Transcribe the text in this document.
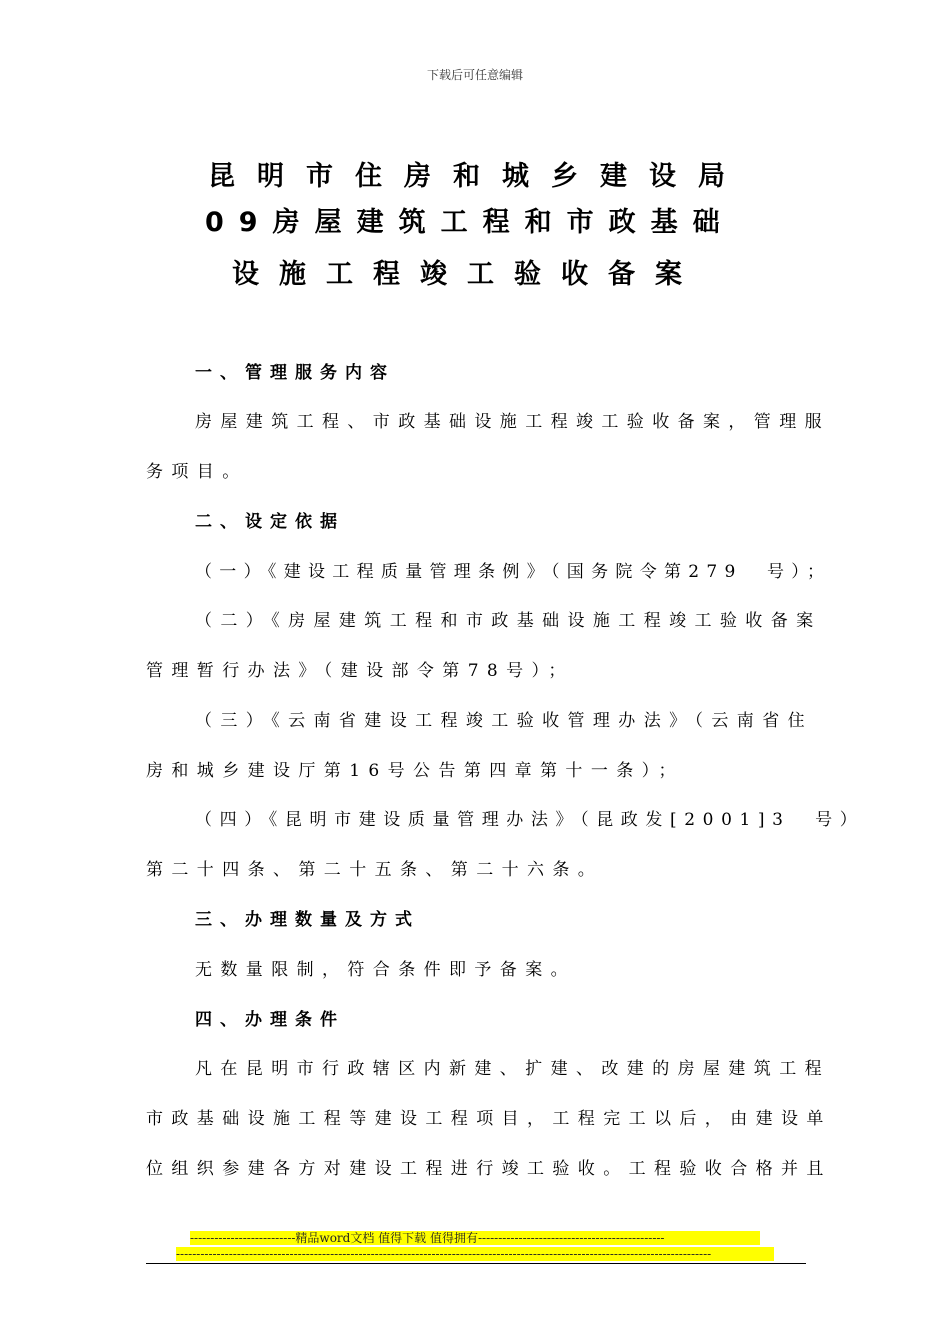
下载后可任意编辑
昆明市住房和城乡建设局
09房屋建筑工程和市政基础
设施工程竣工验收备案
一、管理服务内容
房屋建筑工程、市政基础设施工程竣工验收备案，管理服
务项目。
二、设定依据
（一）《建设工程质量管理条例》（国务院令第279　号）；
（二）《房屋建筑工程和市政基础设施工程竣工验收备案
管理暂行办法》（建设部令第78号）；
（三）《云南省建设工程竣工验收管理办法》（云南省住
房和城乡建设厅第16号公告第四章第十一条）；
（四）《昆明市建设质量管理办法》（昆政发[2001]3　号）
第二十四条、第二十五条、第二十六条。
三、办理数量及方式
无数量限制，符合条件即予备案。
四、办理条件
凡在昆明市行政辖区内新建、扩建、改建的房屋建筑工程
市政基础设施工程等建设工程项目，工程完工以后，由建设单
位组织参建各方对建设工程进行竣工验收。工程验收合格并且
--------------------------精品word文档 值得下载 值得拥有----------------------------------------------
------------------------------------------------------------------------------------------------------------------------------------
